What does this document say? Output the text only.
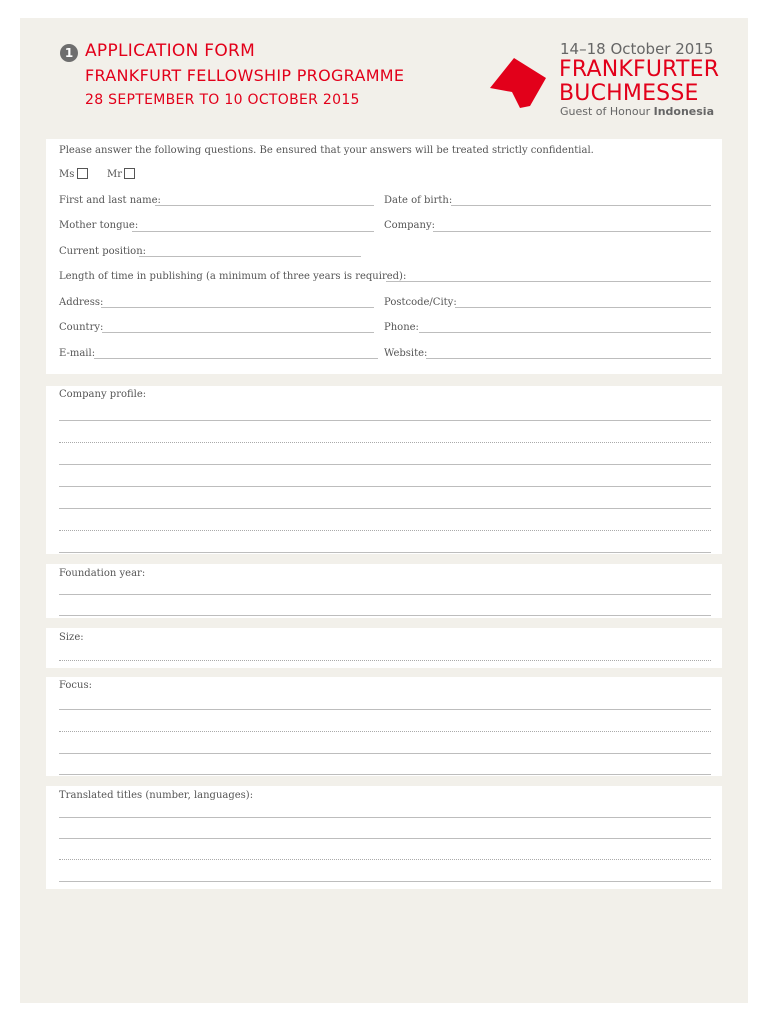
1 APPLICATION FORM
FRANKFURT FELLOWSHIP PROGRAMME
28 SEPTEMBER TO 10 OCTOBER 2015
14–18 October 2015
FRANKFURTER
BUCHMESSE
Guest of Honour Indonesia
Please answer the following questions. Be ensured that your answers will be treated strictly confidential.
Ms	Mr
First and last name:	Date of birth:
Mother tongue:	Company:
Current position:
Length of time in publishing (a minimum of three years is required):
Address:	Postcode/City:
Country:	Phone:
E-mail:	Website:
Company profile:
Foundation year:
Size:
Focus:
Translated titles (number, languages):
